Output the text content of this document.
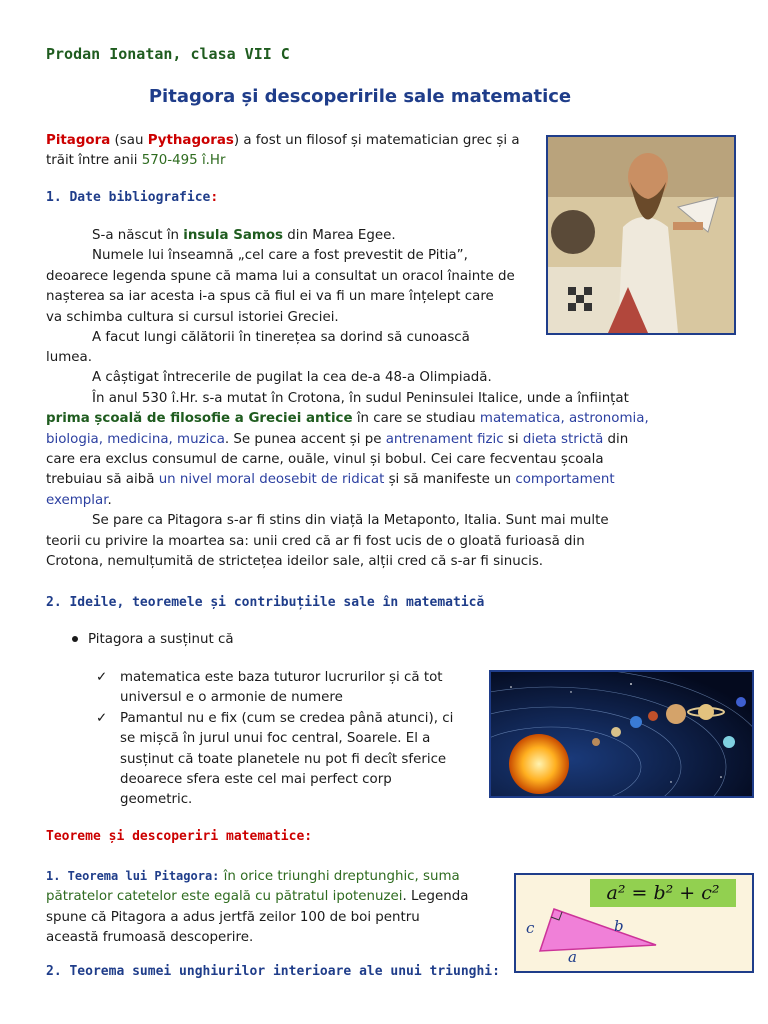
Prodan Ionatan, clasa VII C
Pitagora și descoperirile sale matematice
Pitagora (sau Pythagoras) a fost un filosof și matematician grec și a
trăit între anii 570-495 î.Hr
1. Date bibliografice:
S-a născut în insula Samos din Marea Egee.
Numele lui înseamnă „cel care a fost prevestit de Pitia”,
deoarece legenda spune că mama lui a consultat un oracol înainte de
nașterea sa iar acesta i-a spus că fiul ei va fi un mare înțelept care
va schimba cultura si cursul istoriei Greciei.
A facut lungi călătorii în tinerețea sa dorind să cunoască
lumea.
A câștigat întrecerile de pugilat la cea de-a 48-a Olimpiadă.
În anul 530 î.Hr. s-a mutat în Crotona, în sudul Peninsulei Italice, unde a înființat
prima școală de filosofie a Greciei antice în care se studiau matematica, astronomia,
biologia, medicina, muzica. Se punea accent și pe antrenament fizic si dieta strictă din
care era exclus consumul de carne, ouăle, vinul și bobul. Cei care fecventau școala
trebuiau să aibă un nivel moral deosebit de ridicat și să manifeste un comportament
exemplar.
Se pare ca Pitagora s-ar fi stins din viață la Metaponto, Italia. Sunt mai multe
teorii cu privire la moartea sa: unii cred că ar fi fost ucis de o gloată furioasă din
Crotona, nemulțumită de strictețea ideilor sale, alții cred că s-ar fi sinucis.
2. Ideile, teoremele și contribuțiile sale în matematică
Pitagora a susținut că
✓ matematica este baza tuturor lucrurilor și că tot
universul e o armonie de numere
✓ Pamantul nu e fix (cum se credea până atunci), ci
se mișcă în jurul unui foc central, Soarele. El a
susținut că toate planetele nu pot fi decît sferice
deoarece sfera este cel mai perfect corp
geometric.
Teoreme și descoperiri matematice:
1. Teorema lui Pitagora: în orice triunghi dreptunghic, suma
pătratelor catetelor este egală cu pătratul ipotenuzei. Legenda
spune că Pitagora a adus jertfă zeilor 100 de boi pentru
această frumoasă descoperire.
2. Teorema sumei unghiurilor interioare ale unui triunghi:
a² = b² + c²
c	b
a
